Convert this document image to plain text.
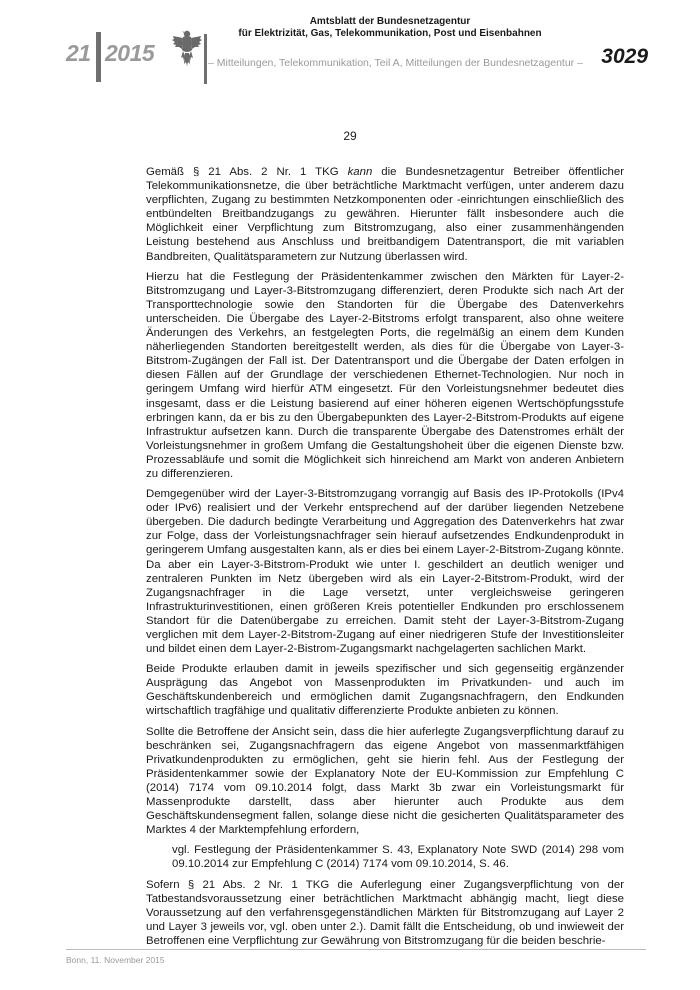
21 2015
Amtsblatt der Bundesnetzagentur
für Elektrizität, Gas, Telekommunikation, Post und Eisenbahnen
– Mitteilungen, Telekommunikation, Teil A, Mitteilungen der Bundesnetzagentur – 3029
29

Gemäß § 21 Abs. 2 Nr. 1 TKG kann die Bundesnetzagentur Betreiber öffentlicher Telekommunikationsnetze, die über beträchtliche Marktmacht verfügen, unter anderem dazu verpflichten, Zugang zu bestimmten Netzkomponenten oder -einrichtungen einschließlich des entbündelten Breitbandzugangs zu gewähren. Hierunter fällt insbesondere auch die Möglichkeit einer Verpflichtung zum Bitstromzugang, also einer zusammenhängenden Leistung bestehend aus Anschluss und breitbandigem Datentransport, die mit variablen Bandbreiten, Qualitätsparametern zur Nutzung überlassen wird.

Hierzu hat die Festlegung der Präsidentenkammer zwischen den Märkten für Layer-2-Bitstromzugang und Layer-3-Bitstromzugang differenziert, deren Produkte sich nach Art der Transporttechnologie sowie den Standorten für die Übergabe des Datenverkehrs unterscheiden. Die Übergabe des Layer-2-Bitstroms erfolgt transparent, also ohne weitere Änderungen des Verkehrs, an festgelegten Ports, die regelmäßig an einem dem Kunden näherliegenden Standorten bereitgestellt werden, als dies für die Übergabe von Layer-3-Bitstrom-Zugängen der Fall ist. Der Datentransport und die Übergabe der Daten erfolgen in diesen Fällen auf der Grundlage der verschiedenen Ethernet-Technologien. Nur noch in geringem Umfang wird hierfür ATM eingesetzt. Für den Vorleistungsnehmer bedeutet dies insgesamt, dass er die Leistung basierend auf einer höheren eigenen Wertschöpfungsstufe erbringen kann, da er bis zu den Übergabepunkten des Layer-2-Bitstrom-Produkts auf eigene Infrastruktur aufsetzen kann. Durch die transparente Übergabe des Datenstromes erhält der Vorleistungsnehmer in großem Umfang die Gestaltungshoheit über die eigenen Dienste bzw. Prozessabläufe und somit die Möglichkeit sich hinreichend am Markt von anderen Anbietern zu differenzieren.

Demgegenüber wird der Layer-3-Bitstromzugang vorrangig auf Basis des IP-Protokolls (IPv4 oder IPv6) realisiert und der Verkehr entsprechend auf der darüber liegenden Netzebene übergeben. Die dadurch bedingte Verarbeitung und Aggregation des Datenverkehrs hat zwar zur Folge, dass der Vorleistungsnachfrager sein hierauf aufsetzendes Endkundenprodukt in geringerem Umfang ausgestalten kann, als er dies bei einem Layer-2-Bitstrom-Zugang könnte. Da aber ein Layer-3-Bitstrom-Produkt wie unter I. geschildert an deutlich weniger und zentraleren Punkten im Netz übergeben wird als ein Layer-2-Bitstrom-Produkt, wird der Zugangsnachfrager in die Lage versetzt, unter vergleichsweise geringeren Infrastrukturinvestitionen, einen größeren Kreis potentieller Endkunden pro erschlossenem Standort für die Datenübergabe zu erreichen. Damit steht der Layer-3-Bitstrom-Zugang verglichen mit dem Layer-2-Bitstrom-Zugang auf einer niedrigeren Stufe der Investitionsleiter und bildet einen dem Layer-2-Bistrom-Zugangsmarkt nachgelagerten sachlichen Markt.

Beide Produkte erlauben damit in jeweils spezifischer und sich gegenseitig ergänzender Ausprägung das Angebot von Massenprodukten im Privatkunden- und auch im Geschäftskundenbereich und ermöglichen damit Zugangsnachfragern, den Endkunden wirtschaftlich tragfähige und qualitativ differenzierte Produkte anbieten zu können.

Sollte die Betroffene der Ansicht sein, dass die hier auferlegte Zugangsverpflichtung darauf zu beschränken sei, Zugangsnachfragern das eigene Angebot von massenmarktfähigen Privatkundenprodukten zu ermöglichen, geht sie hierin fehl. Aus der Festlegung der Präsidentenkammer sowie der Explanatory Note der EU-Kommission zur Empfehlung C (2014) 7174 vom 09.10.2014 folgt, dass Markt 3b zwar ein Vorleistungsmarkt für Massenprodukte darstellt, dass aber hierunter auch Produkte aus dem Geschäftskundensegment fallen, solange diese nicht die gesicherten Qualitätsparameter des Marktes 4 der Marktempfehlung erfordern,

vgl. Festlegung der Präsidentenkammer S. 43, Explanatory Note SWD (2014) 298 vom 09.10.2014 zur Empfehlung C (2014) 7174 vom 09.10.2014, S. 46.

Sofern § 21 Abs. 2 Nr. 1 TKG die Auferlegung einer Zugangsverpflichtung von der Tatbestandsvoraussetzung einer beträchtlichen Marktmacht abhängig macht, liegt diese Voraussetzung auf den verfahrensgegenständlichen Märkten für Bitstromzugang auf Layer 2 und Layer 3 jeweils vor, vgl. oben unter 2.). Damit fällt die Entscheidung, ob und inwieweit der Betroffenen eine Verpflichtung zur Gewährung von Bitstromzugang für die beiden beschrie-

Bonn, 11. November 2015
